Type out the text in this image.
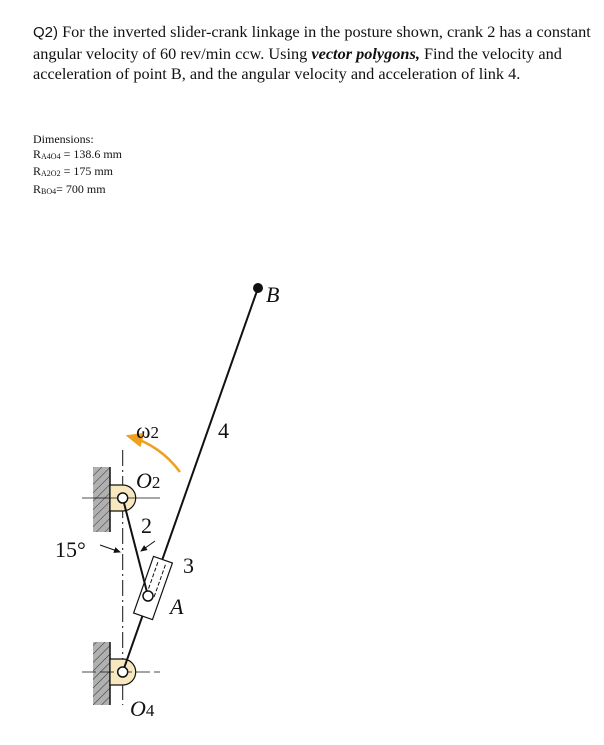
Q2) For the inverted slider-crank linkage in the posture shown, crank 2 has a constant angular velocity of 60 rev/min ccw. Using vector polygons, Find the velocity and acceleration of point B, and the angular velocity and acceleration of link 4.
Dimensions:
$R_{A4O4} = 138.6$ mm
$R_{A2O2} = 175$ mm
$R_{BO4}= 700$ mm
B
ω2	4
O2
2
15°
3
A
O4
